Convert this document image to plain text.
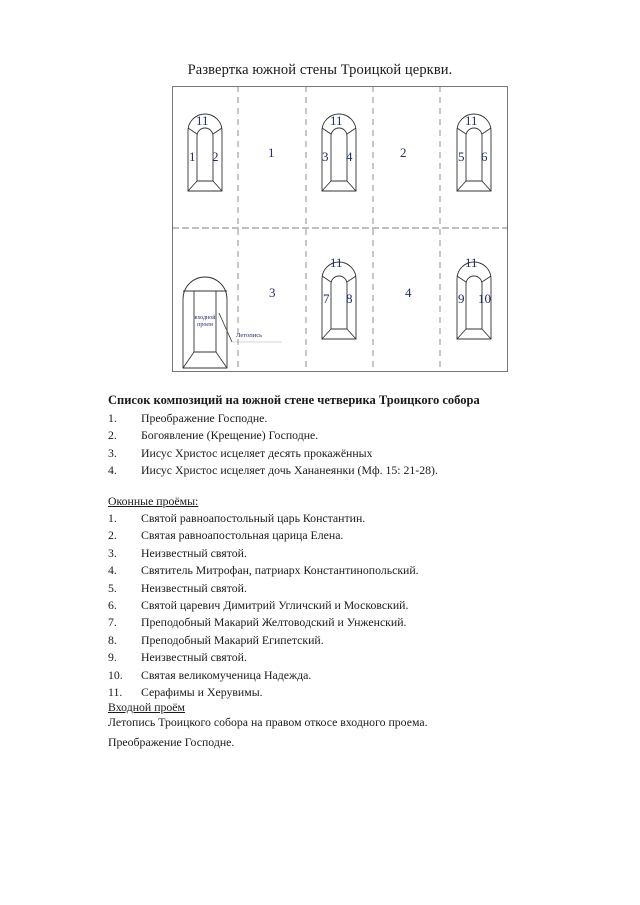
Развертка южной стены Троицкой церкви.
11
1 2
11
3 4
11
5 6
11
7 8
11
9 10
1	2
3	4
входной
проем
Летопись
Список композиций на южной стене четверика Троицкого собора
1. Преображение Господне.
2. Богоявление (Крещение) Господне.
3. Иисус Христос исцеляет десять прокажённых
4. Иисус Христос исцеляет дочь Хананеянки (Мф. 15: 21-28).
Оконные проёмы:
1. Святой равноапостольный царь Константин.
2. Святая равноапостольная царица Елена.
3. Неизвестный святой.
4. Святитель Митрофан, патриарх Константинопольский.
5. Неизвестный святой.
6. Святой царевич Димитрий Угличский и Московский.
7. Преподобный Макарий Желтоводский и Унженский.
8. Преподобный Макарий Египетский.
9. Неизвестный святой.
10. Святая великомученица Надежда.
11. Серафимы и Херувимы.
Входной проём
Летопись Троицкого собора на правом откосе входного проема.
Преображение Господне.
